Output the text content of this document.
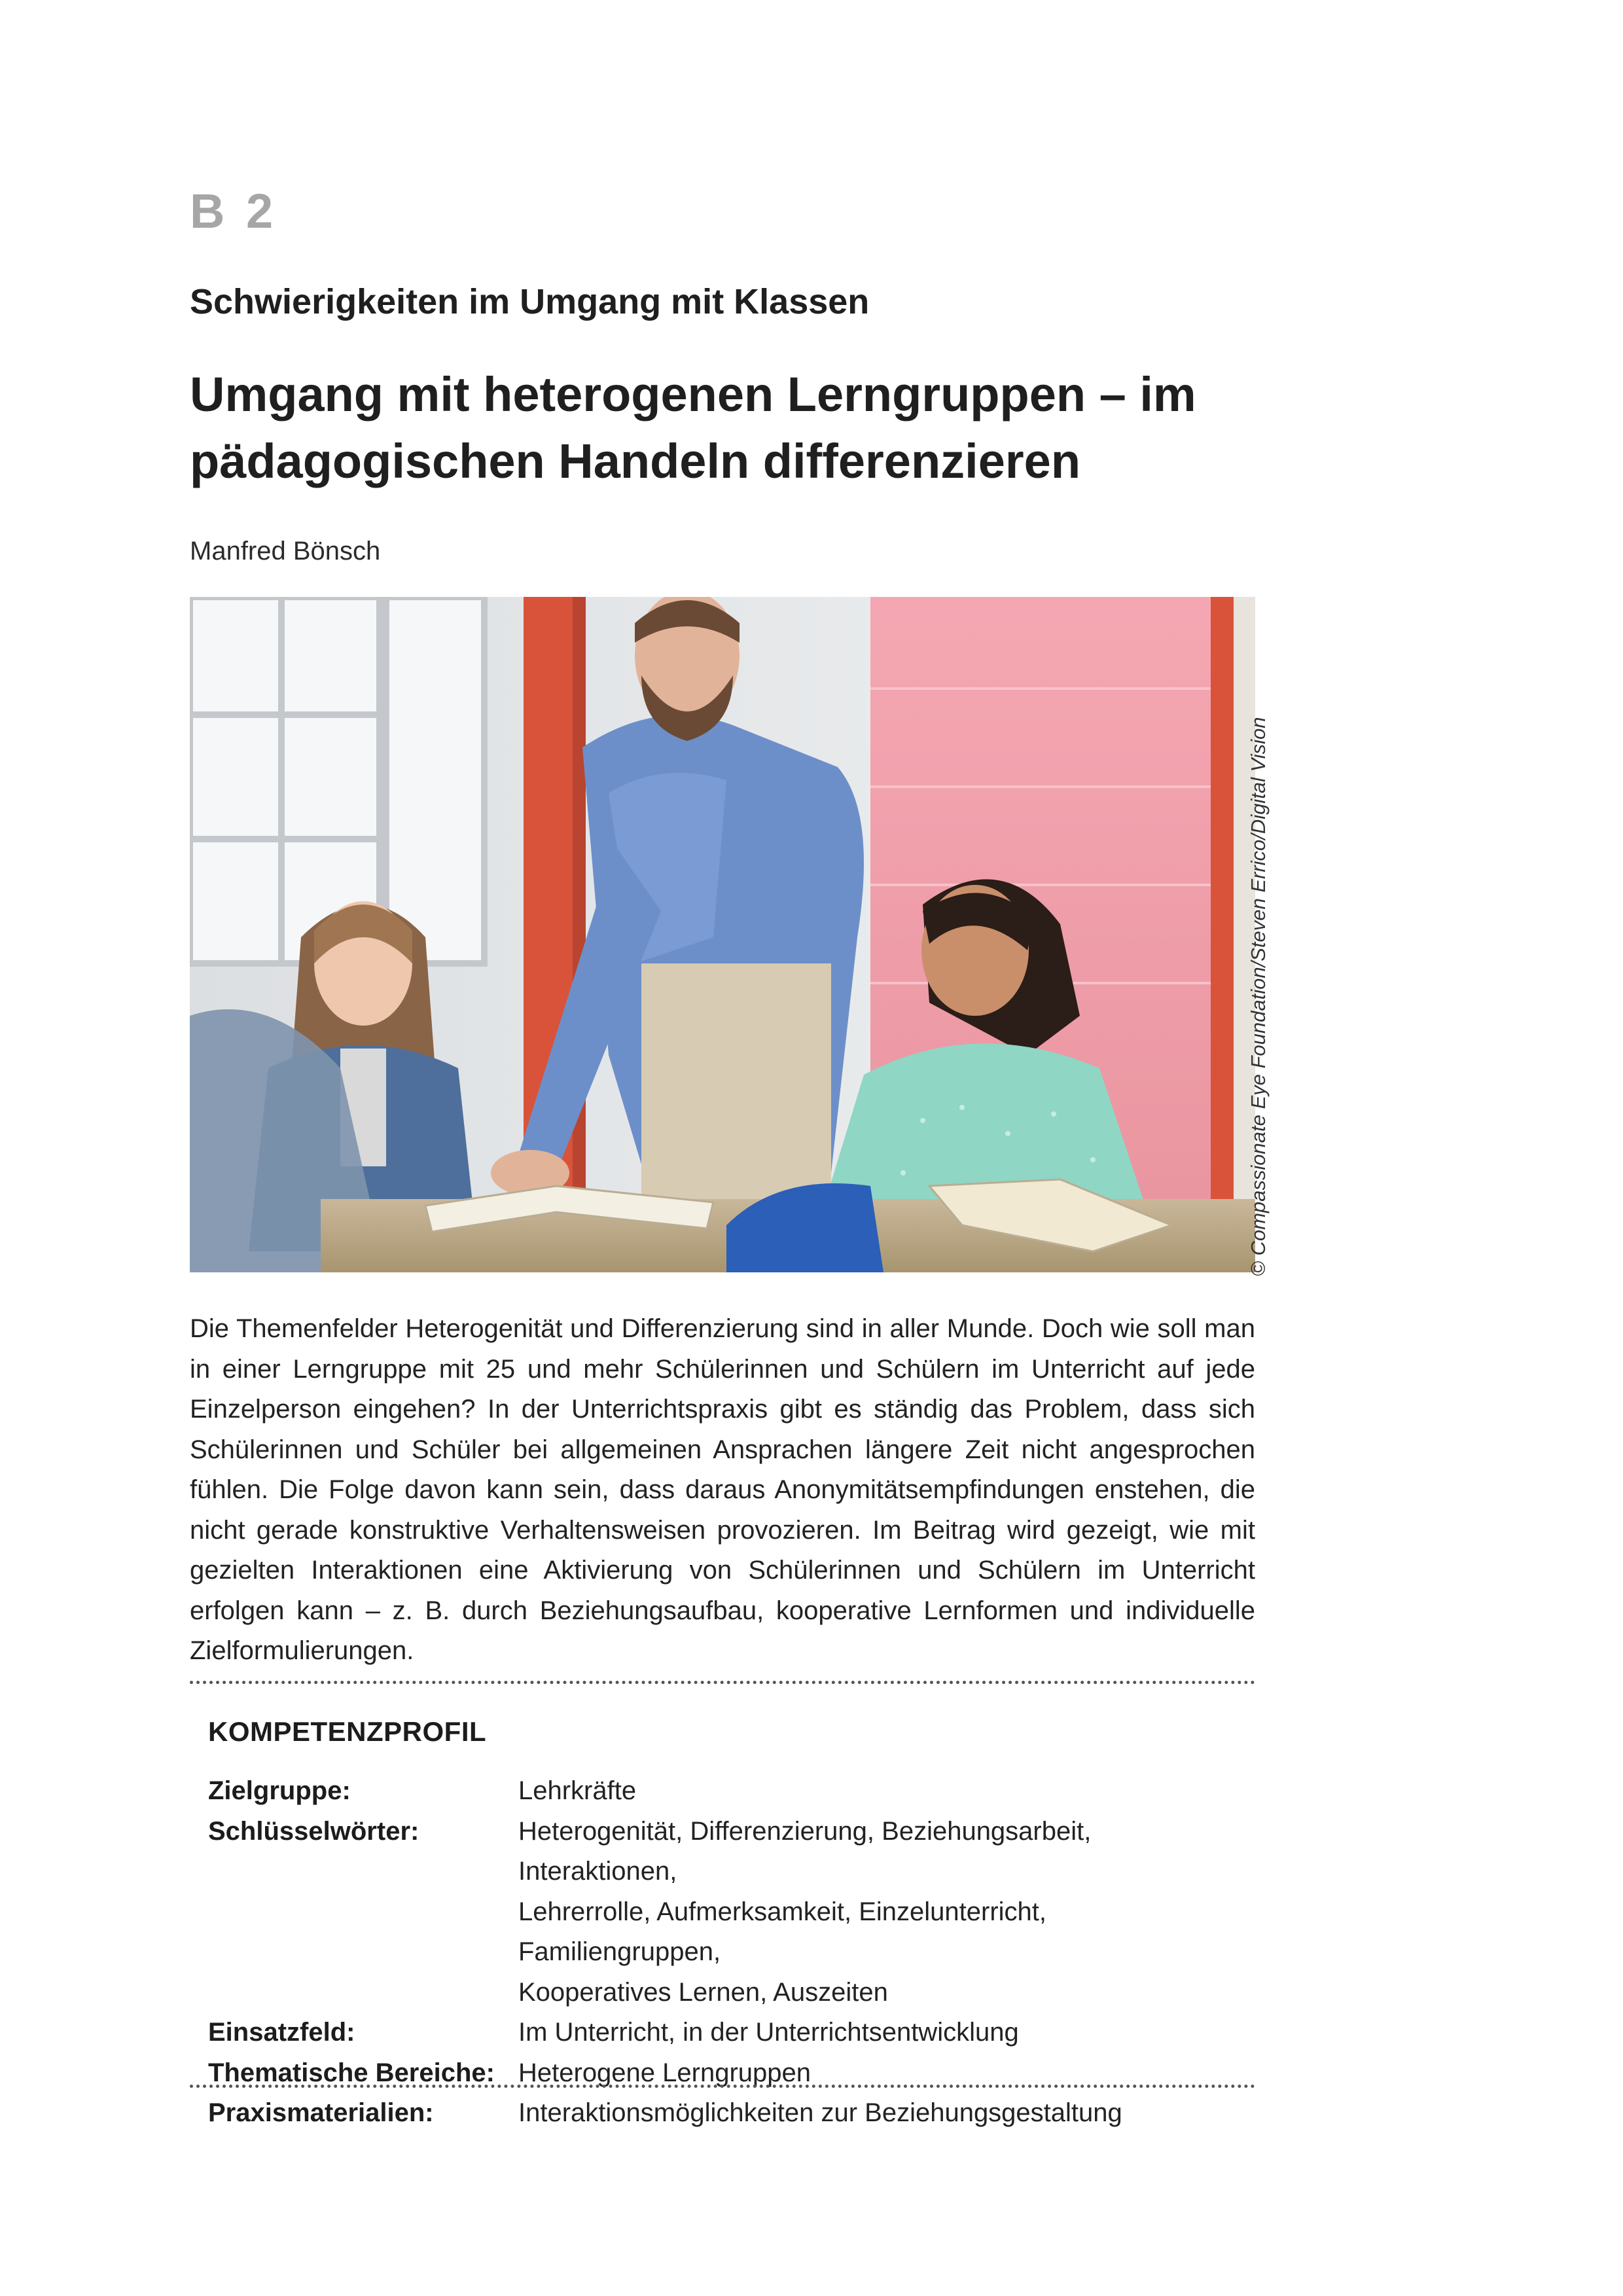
B 2
Schwierigkeiten im Umgang mit Klassen
Umgang mit heterogenen Lerngruppen – im
pädagogischen Handeln differenzieren
Manfred Bönsch
© Compassionate Eye Foundation/Steven Errico/Digital Vision

Die Themenfelder Heterogenität und Differenzierung sind in aller Munde. Doch wie soll man in einer Lerngruppe mit 25 und mehr Schülerinnen und Schülern im Unterricht auf jede Einzelperson eingehen? In der Unterrichtspraxis gibt es ständig das Problem, dass sich Schülerinnen und Schüler bei allgemeinen Ansprachen längere Zeit nicht angesprochen fühlen. Die Folge davon kann sein, dass daraus Anonymitätsempfindungen enstehen, die nicht gerade konstruktive Verhaltensweisen provozieren. Im Beitrag wird gezeigt, wie mit gezielten Interaktionen eine Aktivierung von Schülerinnen und Schülern im Unterricht erfolgen kann – z. B. durch Beziehungsaufbau, kooperative Lernformen und individuelle Zielformulierungen.

KOMPETENZPROFIL
Zielgruppe:	Lehrkräfte

Schlüsselwörter:	Heterogenität, Differenzierung, Beziehungsarbeit, Interaktionen,
Lehrerrolle, Aufmerksamkeit, Einzelunterricht, Familiengruppen,
Kooperatives Lernen, Auszeiten

Einsatzfeld:	Im Unterricht, in der Unterrichtsentwicklung

Thematische Bereiche:	Heterogene Lerngruppen

Praxismaterialien:	Interaktionsmöglichkeiten zur Beziehungsgestaltung
